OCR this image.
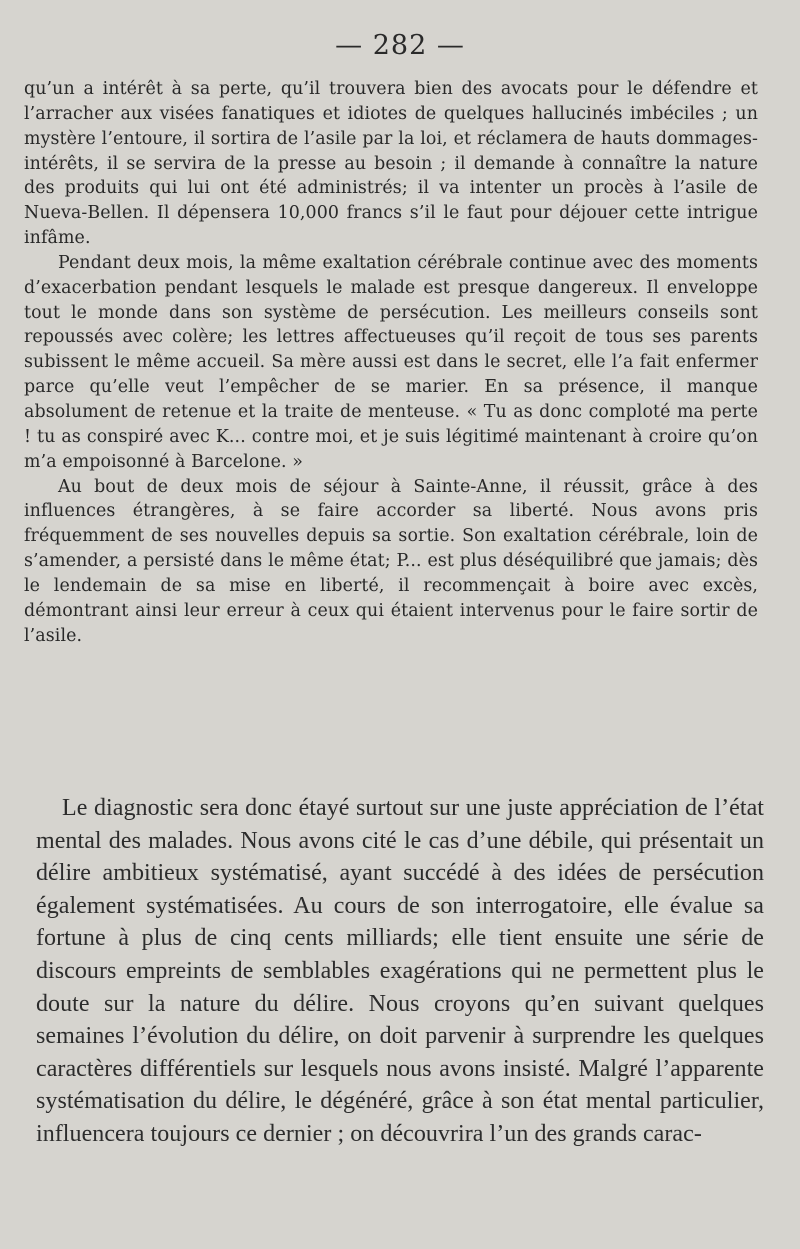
— 282 —

qu’un a intérêt à sa perte, qu’il trouvera bien des avocats pour le défendre et l’arracher aux visées fanatiques et idiotes de quelques hallucinés imbéciles ; un mystère l’entoure, il sortira de l’asile par la loi, et réclamera de hauts dommages-intérêts, il se servira de la presse au besoin ; il demande à connaître la nature des produits qui lui ont été administrés; il va intenter un procès à l’asile de Nueva-Bellen. Il dépensera 10,000 francs s’il le faut pour déjouer cette intrigue infâme.

Pendant deux mois, la même exaltation cérébrale continue avec des moments d’exacerbation pendant lesquels le malade est presque dangereux. Il enveloppe tout le monde dans son système de persécution. Les meilleurs conseils sont repoussés avec colère; les lettres affectueuses qu’il reçoit de tous ses parents subissent le même accueil. Sa mère aussi est dans le secret, elle l’a fait enfermer parce qu’elle veut l’empêcher de se marier. En sa présence, il manque absolument de retenue et la traite de menteuse. « Tu as donc comploté ma perte ! tu as conspiré avec K... contre moi, et je suis légitimé maintenant à croire qu’on m’a empoisonné à Barcelone. »

Au bout de deux mois de séjour à Sainte-Anne, il réussit, grâce à des influences étrangères, à se faire accorder sa liberté. Nous avons pris fréquemment de ses nouvelles depuis sa sortie. Son exaltation cérébrale, loin de s’amender, a persisté dans le même état; P... est plus déséquilibré que jamais; dès le lendemain de sa mise en liberté, il recommençait à boire avec excès, démontrant ainsi leur erreur à ceux qui étaient intervenus pour le faire sortir de l’asile.

Le diagnostic sera donc étayé surtout sur une juste appréciation de l’état mental des malades. Nous avons cité le cas d’une débile, qui présentait un délire ambitieux systématisé, ayant succédé à des idées de persécution également systématisées. Au cours de son interrogatoire, elle évalue sa fortune à plus de cinq cents milliards; elle tient ensuite une série de discours empreints de semblables exagérations qui ne permettent plus le doute sur la nature du délire. Nous croyons qu’en suivant quelques semaines l’évolution du délire, on doit parvenir à surprendre les quelques caractères différentiels sur lesquels nous avons insisté. Malgré l’apparente systématisation du délire, le dégénéré, grâce à son état mental particulier, influencera toujours ce dernier ; on découvrira l’un des grands carac-
